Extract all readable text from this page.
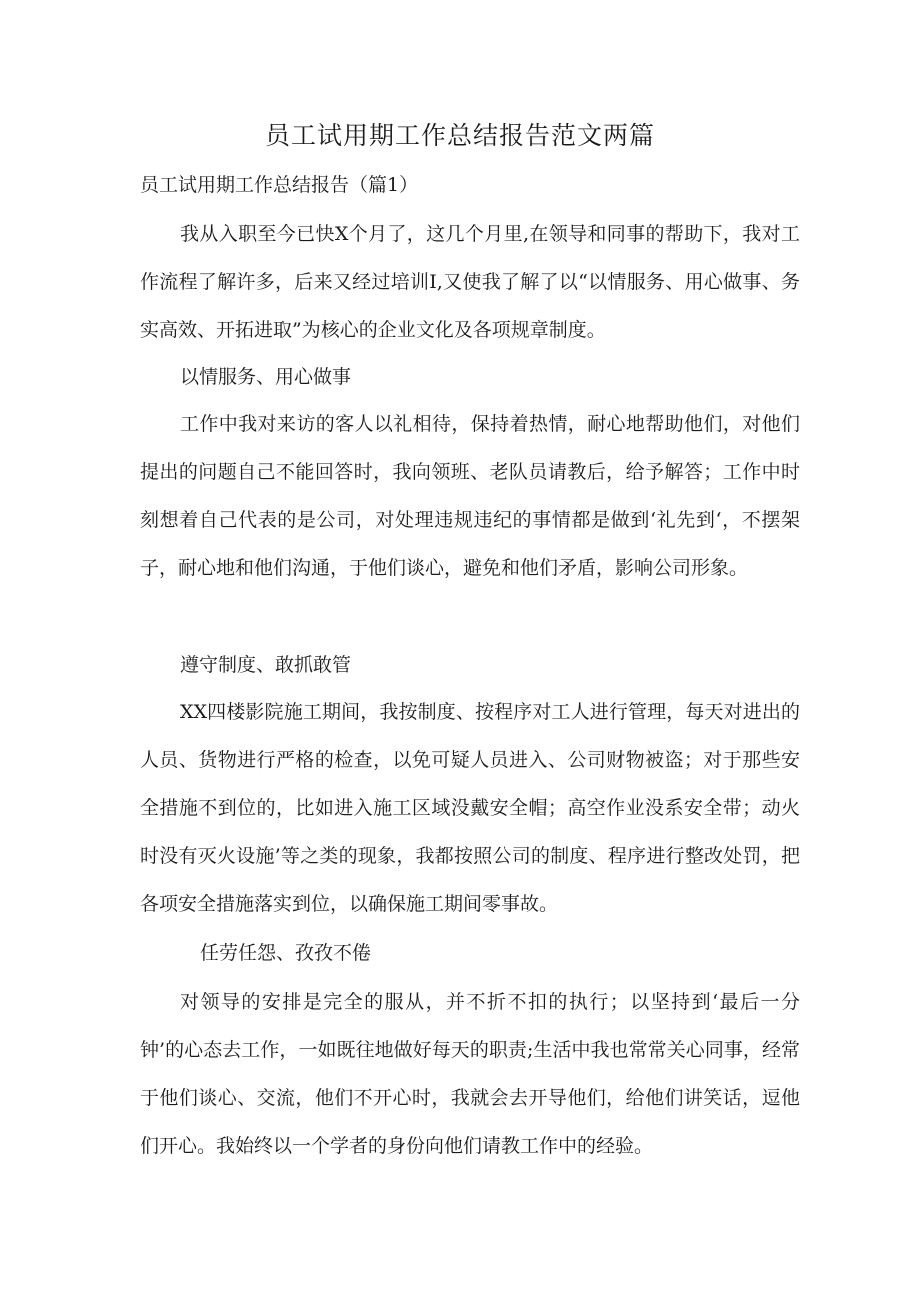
员工试用期工作总结报告范文两篇

员工试用期工作总结报告（篇1）

我从入职至今已快X个月了，这几个月里,在领导和同事的帮助下，我对工作流程了解许多，后来又经过培训I,又使我了解了以“以情服务、用心做事、务实高效、开拓进取”为核心的企业文化及各项规章制度。

以情服务、用心做事

工作中我对来访的客人以礼相待，保持着热情，耐心地帮助他们，对他们提出的问题自己不能回答时，我向领班、老队员请教后，给予解答；工作中时刻想着自己代表的是公司，对处理违规违纪的事情都是做到‘礼先到‘，不摆架子，耐心地和他们沟通，于他们谈心，避免和他们矛盾，影响公司形象。

遵守制度、敢抓敢管

XX四楼影院施工期间，我按制度、按程序对工人进行管理，每天对进出的人员、货物进行严格的检查，以免可疑人员进入、公司财物被盗；对于那些安全措施不到位的，比如进入施工区域没戴安全帽；高空作业没系安全带；动火时没有灭火设施’等之类的现象，我都按照公司的制度、程序进行整改处罚，把各项安全措施落实到位，以确保施工期间零事故。

任劳任怨、孜孜不倦

对领导的安排是完全的服从，并不折不扣的执行；以坚持到‘最后一分钟’的心态去工作，一如既往地做好每天的职责;生活中我也常常关心同事，经常于他们谈心、交流，他们不开心时，我就会去开导他们，给他们讲笑话，逗他们开心。我始终以一个学者的身份向他们请教工作中的经验。
